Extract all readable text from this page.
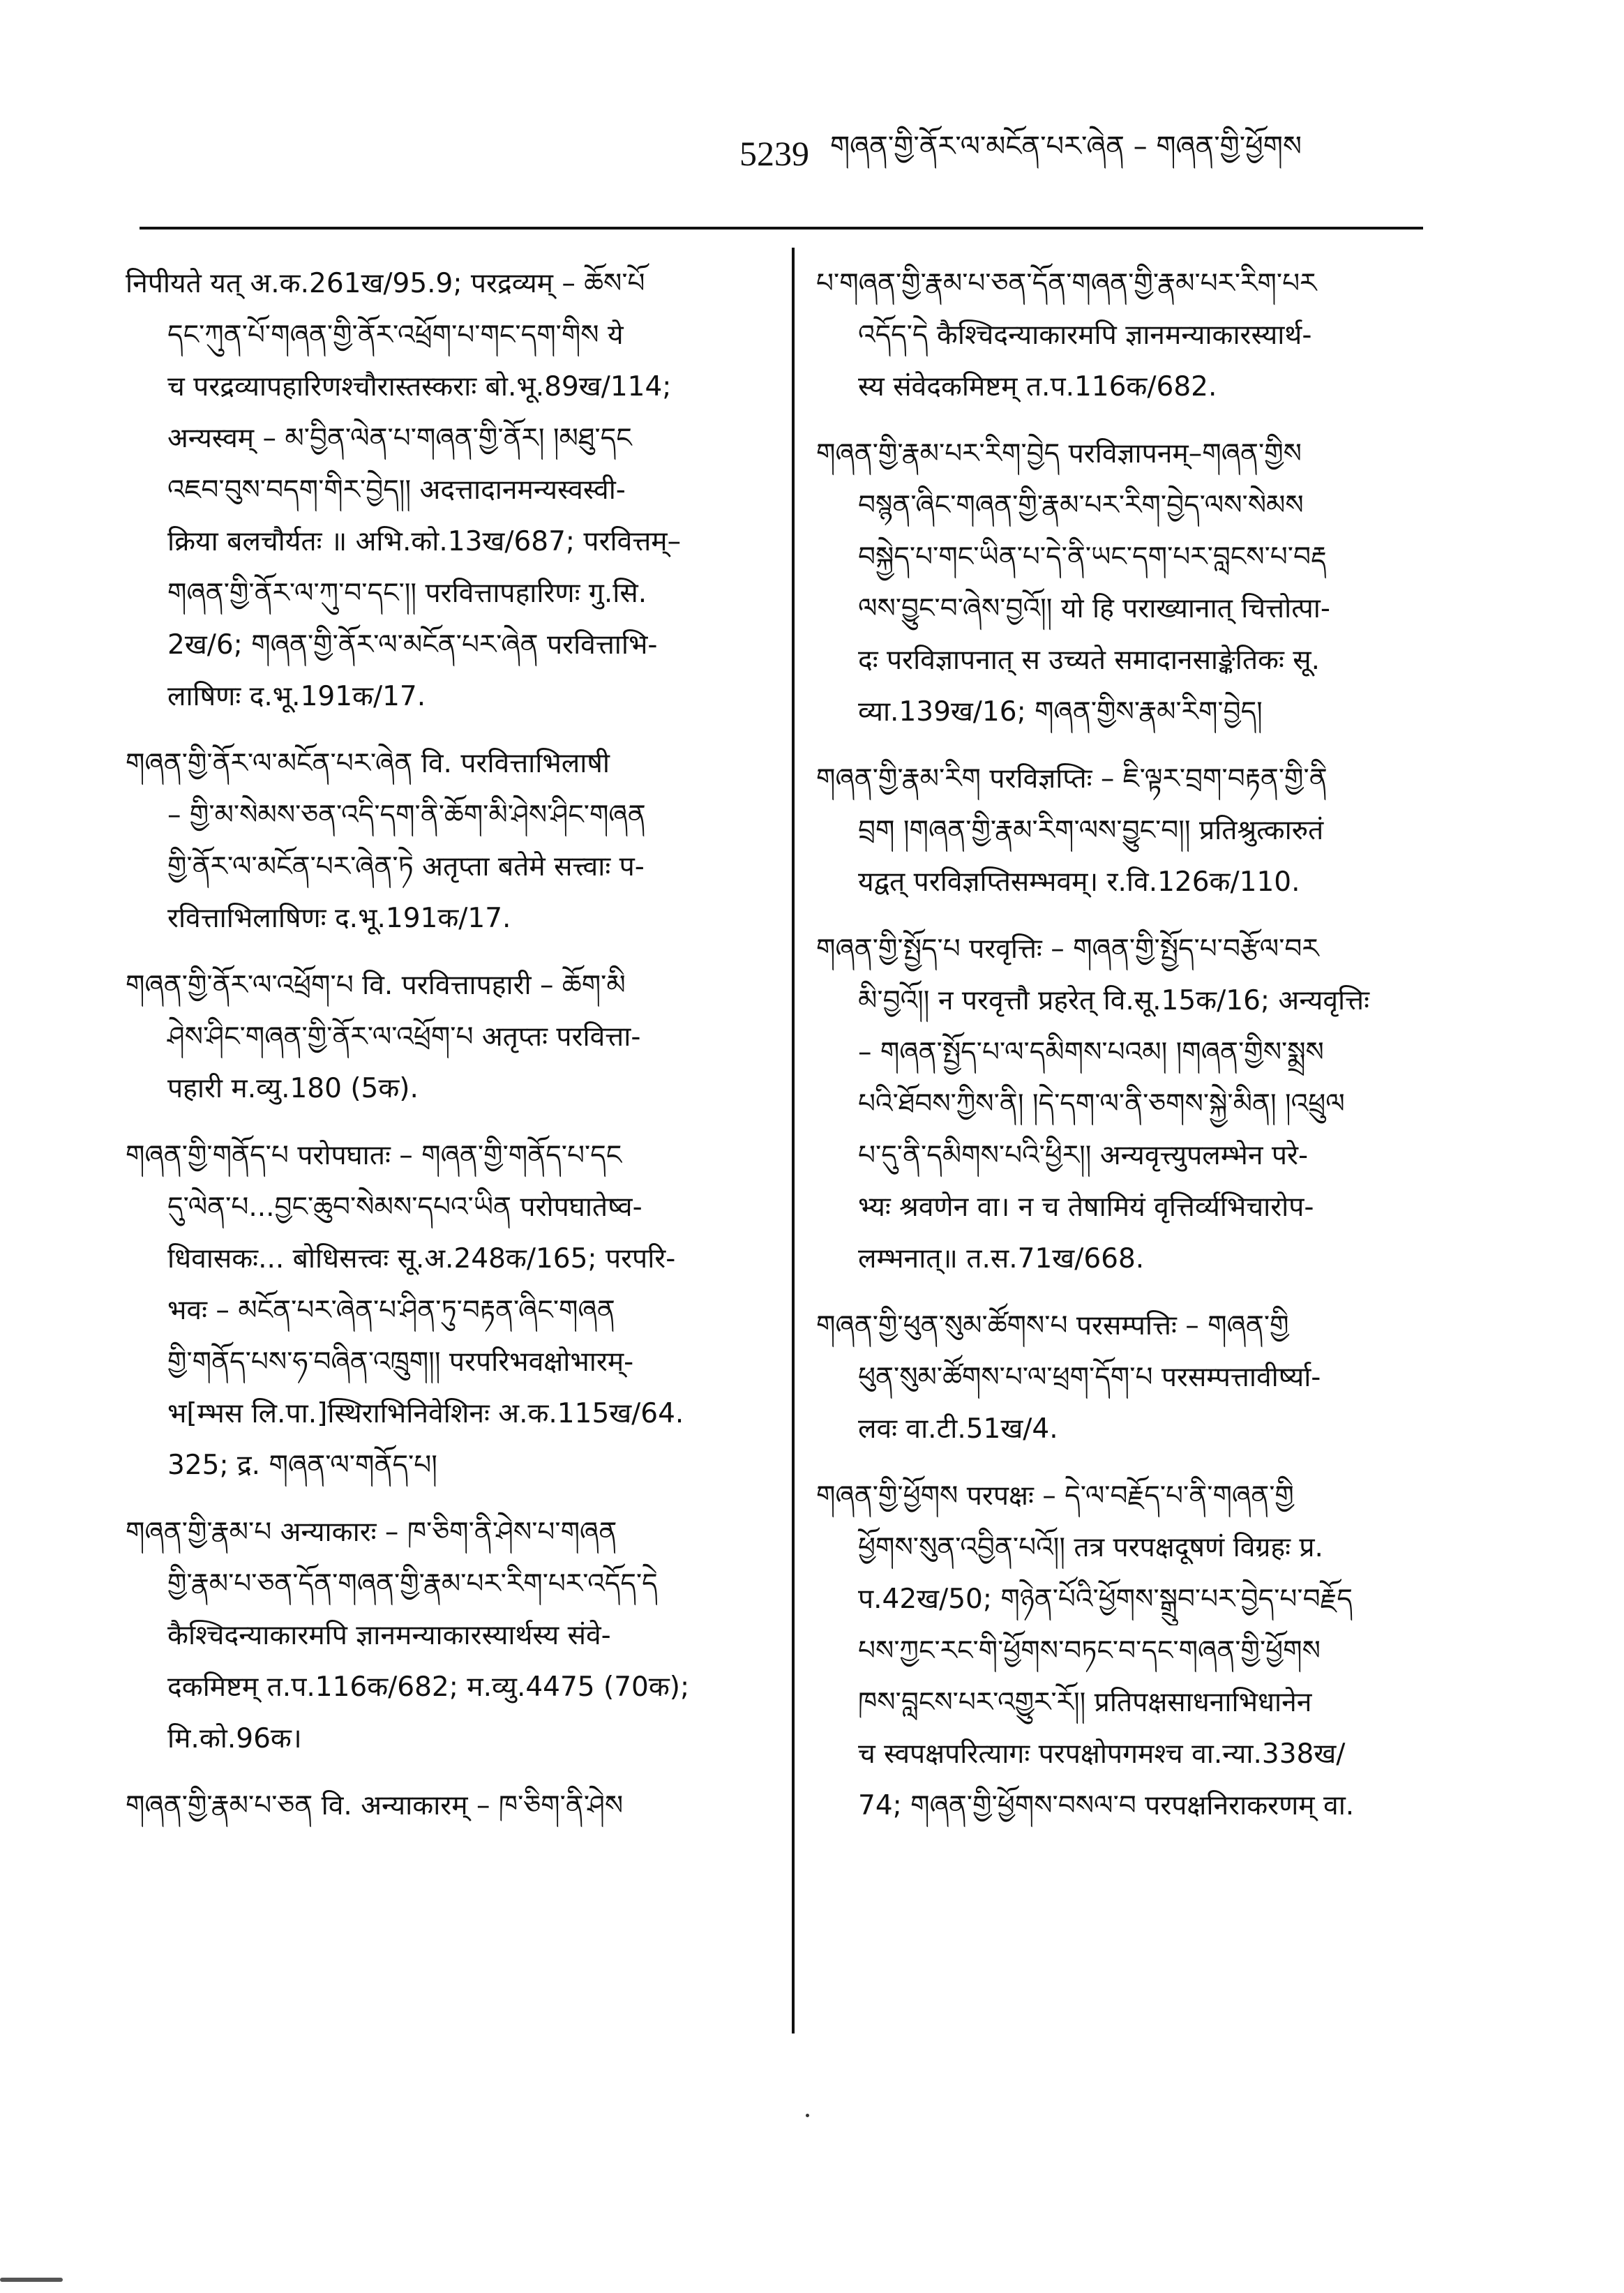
5239 གཞན་གྱི་ནོར་ལ་མངོན་པར་ཞེན – གཞན་གྱི་ཕྱོགས
निपीयते यत् अ.क.261ख/95.9; परद्रव्यम् – ཆོས་པོ
དང་ཀུན་པོ་གཞན་གྱི་ནོར་འཕྲོག་པ་གང་དག་གིས ये
च परद्रव्यापहारिणश्चौरास्तस्कराः बो.भू.89ख/114;
अन्यस्वम् – མ་བྱིན་ལེན་པ་གཞན་གྱི་ནོར། །མཐུ་དང
འཇབ་བུས་བདག་གིར་བྱེད།། अदत्तादानमन्यस्वस्वी-
क्रिया बलचौर्यतः ॥ अभि.को.13ख/687; परवित्तम्–
གཞན་གྱི་ནོར་ལ་ཀུ་བ་དང་།། परवित्तापहारिणः गु.सि.
2ख/6; གཞན་གྱི་ནོར་ལ་མངོན་པར་ཞེན परवित्ताभि-
लाषिणः द.भू.191क/17.
གཞན་གྱི་ནོར་ལ་མངོན་པར་ཞེན वि. परवित्ताभिलाषी
– གྱི་མ་སེམས་ཅན་འདི་དག་ནི་ཆོག་མི་ཤེས་ཤིང་གཞན
གྱི་ནོར་ལ་མངོན་པར་ཞེན་ཏེ अतृप्ता बतेमे सत्त्वाः प-
रवित्ताभिलाषिणः द.भू.191क/17.
གཞན་གྱི་ནོར་ལ་འཕྲོག་པ वि. परवित्तापहारी – ཆོག་མི
ཤེས་ཤིང་གཞན་གྱི་ནོར་ལ་འཕྲོག་པ अतृप्तः परवित्ता-
पहारी म.व्यु.180 (5क).
གཞན་གྱི་གནོད་པ परोपघातः – གཞན་གྱི་གནོད་པ་དང
དུ་ལེན་པ...བྱང་ཆུབ་སེམས་དཔའ་ཡིན परोपघातेष्व-
धिवासकः... बोधिसत्त्वः सू.अ.248क/165; परपरि-
भवः – མངོན་པར་ཞེན་པ་ཤིན་ཏུ་བརྟན་ཞིང་གཞན
གྱི་གནོད་པས་ཧ་བཞིན་འཁྲུག།། परपरिभवक्षोभारम्-
भ[म्भस लि.पा.]स्थिराभिनिवेशिनः अ.क.115ख/64.
325; द्र. གཞན་ལ་གནོད་པ།
གཞན་གྱི་རྣམ་པ अन्याकारः – ཁ་ཅིག་ནི་ཤེས་པ་གཞན
གྱི་རྣམ་པ་ཅན་དོན་གཞན་གྱི་རྣམ་པར་རིག་པར་འདོད་དེ
कैश्चिदन्याकारमपि ज्ञानमन्याकारस्यार्थस्य संवे-
दकमिष्टम् त.प.116क/682; म.व्यु.4475 (70क);
मि.को.96क।
གཞན་གྱི་རྣམ་པ་ཅན वि. अन्याकारम् – ཁ་ཅིག་ནི་ཤེས
པ་གཞན་གྱི་རྣམ་པ་ཅན་དོན་གཞན་གྱི་རྣམ་པར་རིག་པར
འདོད་དེ कैश्चिदन्याकारमपि ज्ञानमन्याकारस्यार्थ-
स्य संवेदकमिष्टम् त.प.116क/682.
གཞན་གྱི་རྣམ་པར་རིག་བྱེད परविज्ञापनम्–གཞན་གྱིས
བསྙན་ཞིང་གཞན་གྱི་རྣམ་པར་རིག་བྱེད་ལས་སེམས
བསྐྱེད་པ་གང་ཡིན་པ་དེ་ནི་ཡང་དག་པར་བླངས་པ་བརྡ
ལས་བྱུང་བ་ཞེས་བྱའོ།། यो हि पराख्यानात् चित्तोत्पा-
दः परविज्ञापनात् स उच्यते समादानसाङ्केतिकः सू.
व्या.139ख/16; གཞན་གྱིས་རྣམ་རིག་བྱེད།
གཞན་གྱི་རྣམ་རིག परविज्ञप्तिः – ཇི་ལྟར་བྲག་བརྟན་གྱི་ནི
བྲག །གཞན་གྱི་རྣམ་རིག་ལས་བྱུང་བ།། प्रतिश्रुत्कारुतं
यद्वत् परविज्ञप्तिसम्भवम्। र.वि.126क/110.
གཞན་གྱི་སྤྱོད་པ परवृत्तिः – གཞན་གྱི་སྤྱོད་པ་བརྩོལ་བར
མི་བྱའོ།། न परवृत्तौ प्रहरेत् वि.सू.15क/16; अन्यवृत्तिः
– གཞན་སྤྱོད་པ་ལ་དམིགས་པའམ། །གཞན་གྱིས་སྨྲས
པའི་ཐོབས་ཀྱིས་ནི། །དེ་དག་ལ་ནི་ཅགས་སྐྱེ་མིན། །འཕྲུལ
པ་དུ་ནི་དམིགས་པའི་ཕྱིར།། अन्यवृत्त्युपलम्भेन परे-
भ्यः श्रवणेन वा। न च तेषामियं वृत्तिर्व्यभिचारोप-
लम्भनात्॥ त.स.71ख/668.
གཞན་གྱི་ཕུན་སུམ་ཚོགས་པ परसम्पत्तिः – གཞན་གྱི
ཕུན་སུམ་ཚོགས་པ་ལ་ཕྲག་དོག་པ परसम्पत्तावीर्ष्या-
लवः वा.टी.51ख/4.
གཞན་གྱི་ཕྱོགས परपक्षः – དེ་ལ་བརྗོད་པ་ནི་གཞན་གྱི
ཕྱོགས་སུན་འབྱིན་པའོ།། तत्र परपक्षदूषणं विग्रहः प्र.
प.42ख/50; གཉེན་པོའི་ཕྱོགས་སྒྲུབ་པར་བྱེད་པ་བརྗོད
པས་ཀྱང་རང་གི་ཕྱོགས་བཏང་བ་དང་གཞན་གྱི་ཕྱོགས
ཁས་བླངས་པར་འགྱུར་རོ།། प्रतिपक्षसाधनाभिधानेन
च स्वपक्षपरित्यागः परपक्षोपगमश्च वा.न्या.338ख/
74; གཞན་གྱི་ཕྱོགས་བསལ་བ परपक्षनिराकरणम् वा.
